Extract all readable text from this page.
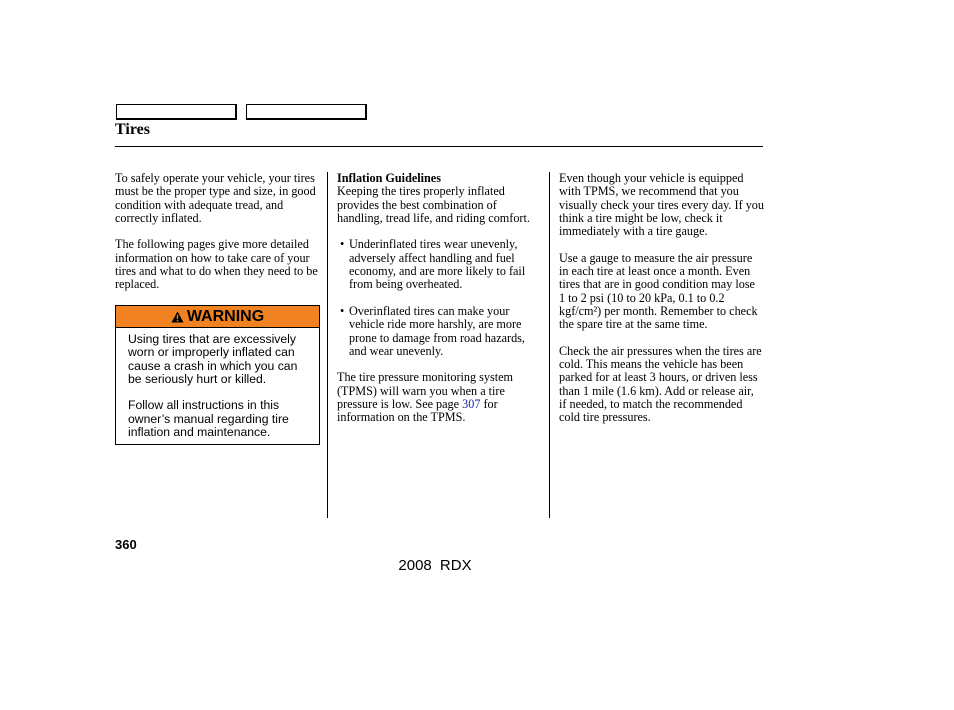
Tires

To safely operate your vehicle, your tires must be the proper type and size, in good condition with adequate tread, and correctly inflated.

The following pages give more detailed information on how to take care of your tires and what to do when they need to be replaced.

WARNING

Using tires that are excessively worn or improperly inflated can cause a crash in which you can be seriously hurt or killed.

Follow all instructions in this owner’s manual regarding tire inflation and maintenance.

Inflation Guidelines
Keeping the tires properly inflated provides the best combination of handling, tread life, and riding comfort.

• Underinflated tires wear unevenly, adversely affect handling and fuel economy, and are more likely to fail from being overheated.
• Overinflated tires can make your vehicle ride more harshly, are more prone to damage from road hazards, and wear unevenly.

The tire pressure monitoring system (TPMS) will warn you when a tire pressure is low. See page 307 for information on the TPMS.

Even though your vehicle is equipped with TPMS, we recommend that you visually check your tires every day. If you think a tire might be low, check it immediately with a tire gauge.

Use a gauge to measure the air pressure in each tire at least once a month. Even tires that are in good condition may lose 1 to 2 psi (10 to 20 kPa, 0.1 to 0.2 kgf/cm²) per month. Remember to check the spare tire at the same time.

Check the air pressures when the tires are cold. This means the vehicle has been parked for at least 3 hours, or driven less than 1 mile (1.6 km). Add or release air, if needed, to match the recommended cold tire pressures.

360
2008 RDX
